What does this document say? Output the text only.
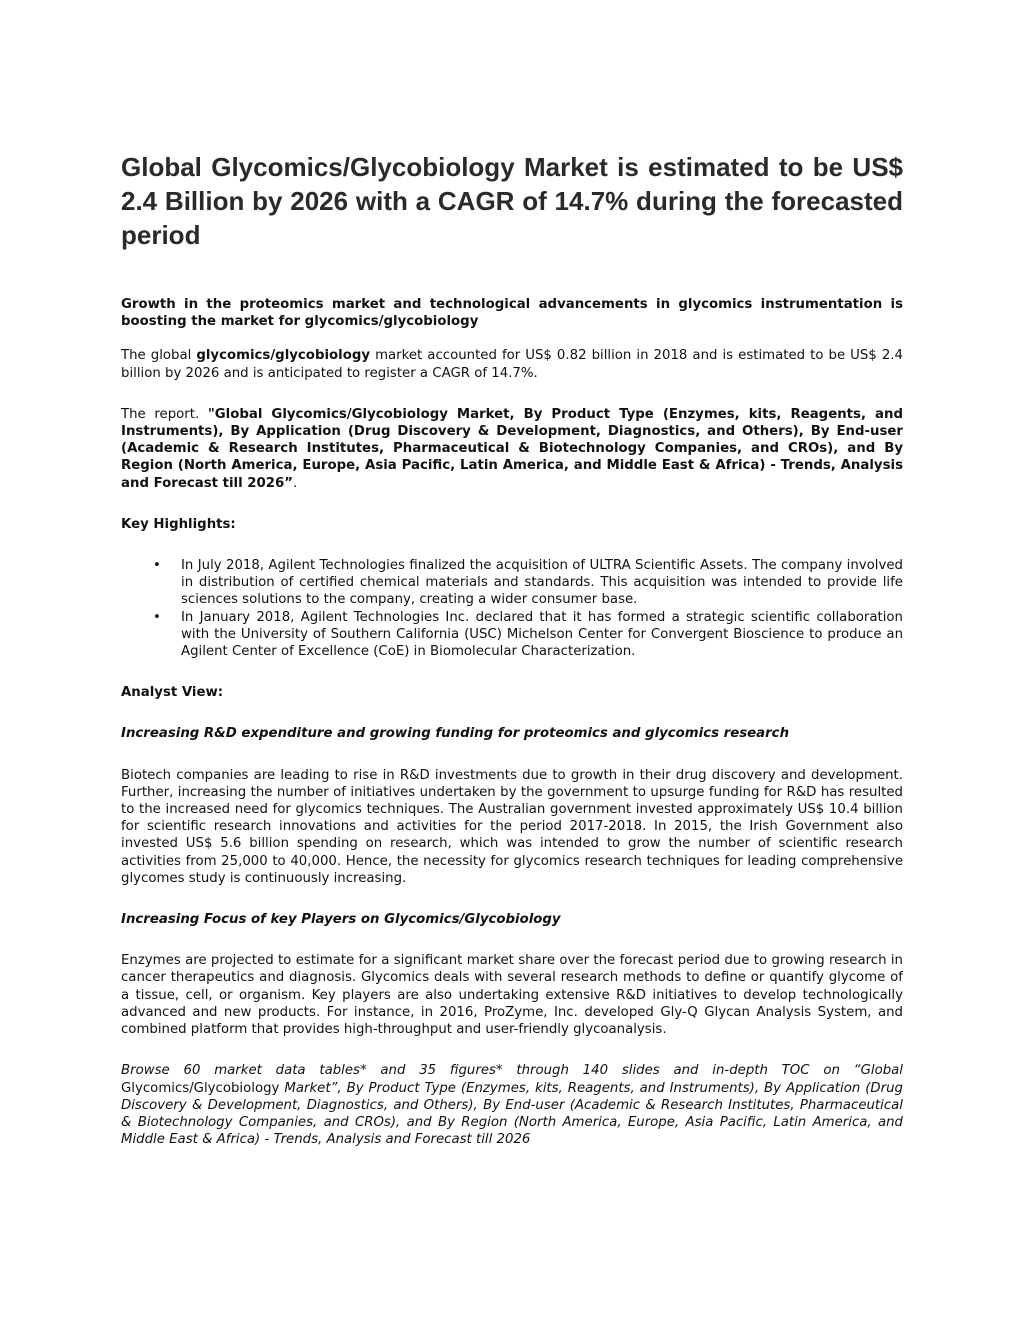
Global Glycomics/Glycobiology Market is estimated to be US$ 2.4 Billion by 2026 with a CAGR of 14.7% during the forecasted period

Growth in the proteomics market and technological advancements in glycomics instrumentation is boosting the market for glycomics/glycobiology

The global glycomics/glycobiology market accounted for US$ 0.82 billion in 2018 and is estimated to be US$ 2.4 billion by 2026 and is anticipated to register a CAGR of 14.7%.

The report. "Global Glycomics/Glycobiology Market, By Product Type (Enzymes, kits, Reagents, and Instruments), By Application (Drug Discovery & Development, Diagnostics, and Others), By End-user (Academic & Research Institutes, Pharmaceutical & Biotechnology Companies, and CROs), and By Region (North America, Europe, Asia Pacific, Latin America, and Middle East & Africa) - Trends, Analysis and Forecast till 2026”.

Key Highlights:

• In July 2018, Agilent Technologies finalized the acquisition of ULTRA Scientific Assets. The company involved in distribution of certified chemical materials and standards. This acquisition was intended to provide life sciences solutions to the company, creating a wider consumer base.
• In January 2018, Agilent Technologies Inc. declared that it has formed a strategic scientific collaboration with the University of Southern California (USC) Michelson Center for Convergent Bioscience to produce an Agilent Center of Excellence (CoE) in Biomolecular Characterization.

Analyst View:

Increasing R&D expenditure and growing funding for proteomics and glycomics research

Biotech companies are leading to rise in R&D investments due to growth in their drug discovery and development. Further, increasing the number of initiatives undertaken by the government to upsurge funding for R&D has resulted to the increased need for glycomics techniques. The Australian government invested approximately US$ 10.4 billion for scientific research innovations and activities for the period 2017-2018. In 2015, the Irish Government also invested US$ 5.6 billion spending on research, which was intended to grow the number of scientific research activities from 25,000 to 40,000. Hence, the necessity for glycomics research techniques for leading comprehensive glycomes study is continuously increasing.

Increasing Focus of key Players on Glycomics/Glycobiology

Enzymes are projected to estimate for a significant market share over the forecast period due to growing research in cancer therapeutics and diagnosis. Glycomics deals with several research methods to define or quantify glycome of a tissue, cell, or organism. Key players are also undertaking extensive R&D initiatives to develop technologically advanced and new products. For instance, in 2016, ProZyme, Inc. developed Gly-Q Glycan Analysis System, and combined platform that provides high-throughput and user-friendly glycoanalysis.

Browse 60 market data tables* and 35 figures* through 140 slides and in-depth TOC on “Global Glycomics/Glycobiology Market”, By Product Type (Enzymes, kits, Reagents, and Instruments), By Application (Drug Discovery & Development, Diagnostics, and Others), By End-user (Academic & Research Institutes, Pharmaceutical & Biotechnology Companies, and CROs), and By Region (North America, Europe, Asia Pacific, Latin America, and Middle East & Africa) - Trends, Analysis and Forecast till 2026
